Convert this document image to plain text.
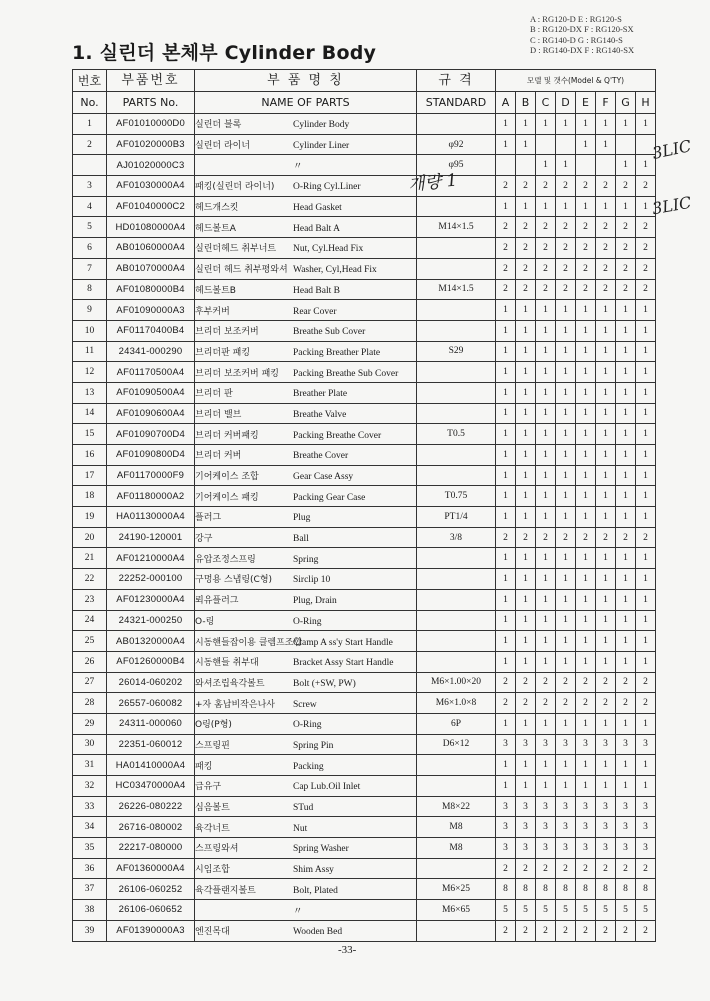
1. 실린더 본체부 Cylinder Body
A : RG120-D E : RG120-S
B : RG120-DX F : RG120-SX
C : RG140-D G : RG140-S
D : RG140-DX F : RG140-SX
번호	부품번호	부 품 명 칭	규 격	모델 및 갯수(Model & Q'TY)							
No.	PARTS No.	NAME OF PARTS	STANDARD	A	B	C	D	E	F	G	H
1	AF01010000D0	실린더 블록 Cylinder Body		1	1	1	1	1	1	1	1
2	AF01020000B3	실린더 라이너 Cylinder Liner	φ92	1	1			1	1		
	AJ01020000C3	〃	φ95			1	1			1	1
3	AF01030000A4	패킹(실린더 라이너) O-Ring Cyl.Liner		2	2	2	2	2	2	2	2
4	AF01040000C2	헤드개스킷 Head Gasket		1	1	1	1	1	1	1	1
5	HD01080000A4	헤드볼트A Head Balt A	M14×1.5	2	2	2	2	2	2	2	2
6	AB01060000A4	실린더헤드 취부너트 Nut, Cyl.Head Fix		2	2	2	2	2	2	2	2
7	AB01070000A4	실린더 헤드 취부평와셔 Washer, Cyl,Head Fix		2	2	2	2	2	2	2	2
8	AF01080000B4	헤드볼트B Head Balt B	M14×1.5	2	2	2	2	2	2	2	2
9	AF01090000A3	후부커버 Rear Cover		1	1	1	1	1	1	1	1
10	AF01170400B4	브리더 보조커버 Breathe Sub Cover		1	1	1	1	1	1	1	1
11	24341-000290	브리더판 패킹 Packing Breather Plate	S29	1	1	1	1	1	1	1	1
12	AF01170500A4	브리더 보조커버 패킹 Packing Breathe Sub Cover		1	1	1	1	1	1	1	1
13	AF01090500A4	브리더 판 Breather Plate		1	1	1	1	1	1	1	1
14	AF01090600A4	브리더 밸브 Breathe Valve		1	1	1	1	1	1	1	1
15	AF01090700D4	브리더 커버패킹 Packing Breathe Cover	T0.5	1	1	1	1	1	1	1	1
16	AF01090800D4	브리더 커버 Breathe Cover		1	1	1	1	1	1	1	1
17	AF01170000F9	기어케이스 조합 Gear Case Assy		1	1	1	1	1	1	1	1
18	AF01180000A2	기어케이스 패킹 Packing Gear Case	T0.75	1	1	1	1	1	1	1	1
19	HA01130000A4	플러그 Plug	PT1/4	1	1	1	1	1	1	1	1
20	24190-120001	강구 Ball	3/8	2	2	2	2	2	2	2	2
21	AF01210000A4	유압조정스프링 Spring		1	1	1	1	1	1	1	1
22	22252-000100	구멍용 스냅링(C형) Sirclip 10		1	1	1	1	1	1	1	1
23	AF01230000A4	뢰유플러그 Plug, Drain		1	1	1	1	1	1	1	1
24	24321-000250	O-링 O-Ring		1	1	1	1	1	1	1	1
25	AB01320000A4	시동핸들잡이용 클렘프조합Clamp A ss'y Start Handle		1	1	1	1	1	1	1	1
26	AF01260000B4	시동핸들 취부대 Bracket Assy Start Handle		1	1	1	1	1	1	1	1
27	26014-060202	와셔조립육각볼트 Bolt (+SW, PW)	M6×1.00×20	2	2	2	2	2	2	2	2
28	26557-060082	+자 홈납비작은나사 Screw	M6×1.0×8	2	2	2	2	2	2	2	2
29	24311-000060	O링(P형) O-Ring	6P	1	1	1	1	1	1	1	1
30	22351-060012	스프링핀 Spring Pin	D6×12	3	3	3	3	3	3	3	3
31	HA01410000A4	패킹 Packing		1	1	1	1	1	1	1	1
32	HC03470000A4	급유구 Cap Lub.Oil Inlet		1	1	1	1	1	1	1	1
33	26226-080222	심음볼트 STud	M8×22	3	3	3	3	3	3	3	3
34	26716-080002	육각너트 Nut	M8	3	3	3	3	3	3	3	3
35	22217-080000	스프링와셔 Spring Washer	M8	3	3	3	3	3	3	3	3
36	AF01360000A4	시임조합 Shim Assy		2	2	2	2	2	2	2	2
37	26106-060252	육각플랜지볼트 Bolt, Plated	M6×25	8	8	8	8	8	8	8	8
38	26106-060652	〃	M6×65	5	5	5	5	5	5	5	5
39	AF01390000A3	엔진목대 Wooden Bed		2	2	2	2	2	2	2	2
-33-
개량 1
3LIC
3LIC
